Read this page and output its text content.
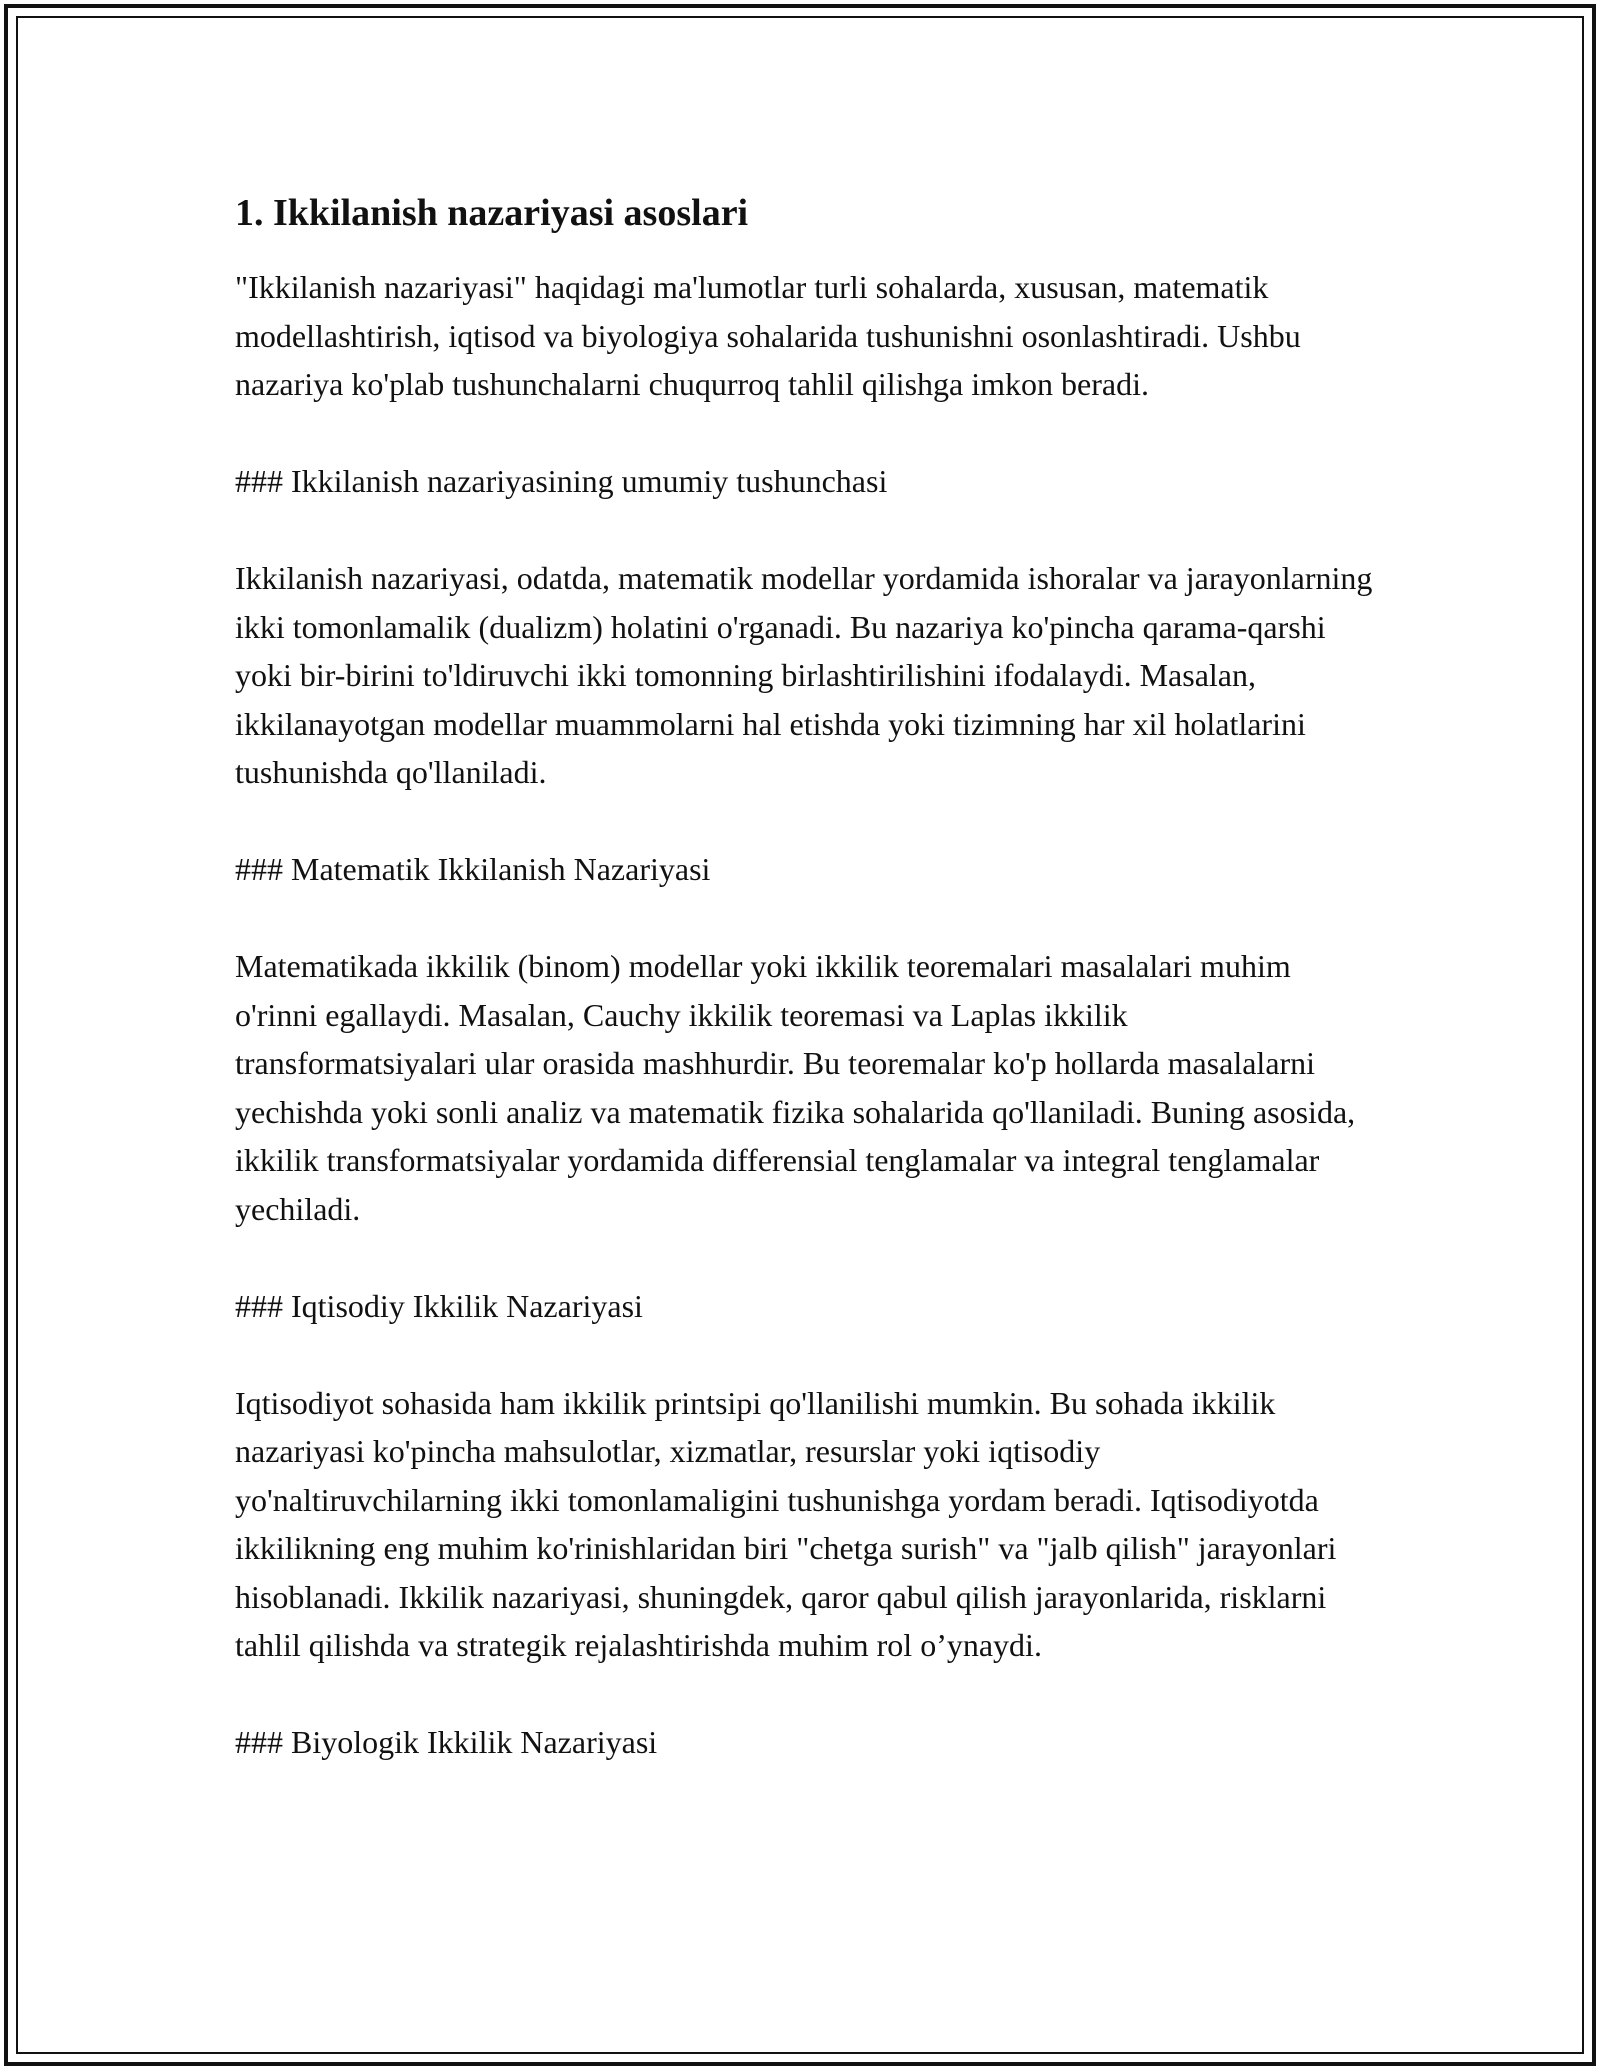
1. Ikkilanish nazariyasi asoslari

"Ikkilanish nazariyasi" haqidagi ma'lumotlar turli sohalarda, xususan, matematik modellashtirish, iqtisod va biyologiya sohalarida tushunishni osonlashtiradi. Ushbu nazariya ko'plab tushunchalarni chuqurroq tahlil qilishga imkon beradi.

### Ikkilanish nazariyasining umumiy tushunchasi

Ikkilanish nazariyasi, odatda, matematik modellar yordamida ishoralar va jarayonlarning ikki tomonlamalik (dualizm) holatini o'rganadi. Bu nazariya ko'pincha qarama-qarshi yoki bir-birini to'ldiruvchi ikki tomonning birlashtirilishini ifodalaydi. Masalan, ikkilanayotgan modellar muammolarni hal etishda yoki tizimning har xil holatlarini tushunishda qo'llaniladi.

### Matematik Ikkilanish Nazariyasi

Matematikada ikkilik (binom) modellar yoki ikkilik teoremalari masalalari muhim o'rinni egallaydi. Masalan, Cauchy ikkilik teoremasi va Laplas ikkilik transformatsiyalari ular orasida mashhurdir. Bu teoremalar ko'p hollarda masalalarni yechishda yoki sonli analiz va matematik fizika sohalarida qo'llaniladi. Buning asosida, ikkilik transformatsiyalar yordamida differensial tenglamalar va integral tenglamalar yechiladi.

### Iqtisodiy Ikkilik Nazariyasi

Iqtisodiyot sohasida ham ikkilik printsipi qo'llanilishi mumkin. Bu sohada ikkilik nazariyasi ko'pincha mahsulotlar, xizmatlar, resurslar yoki iqtisodiy yo'naltiruvchilarning ikki tomonlamaligini tushunishga yordam beradi. Iqtisodiyotda ikkilikning eng muhim ko'rinishlaridan biri "chetga surish" va "jalb qilish" jarayonlari hisoblanadi. Ikkilik nazariyasi, shuningdek, qaror qabul qilish jarayonlarida, risklarni tahlil qilishda va strategik rejalashtirishda muhim rol o’ynaydi.

### Biyologik Ikkilik Nazariyasi
